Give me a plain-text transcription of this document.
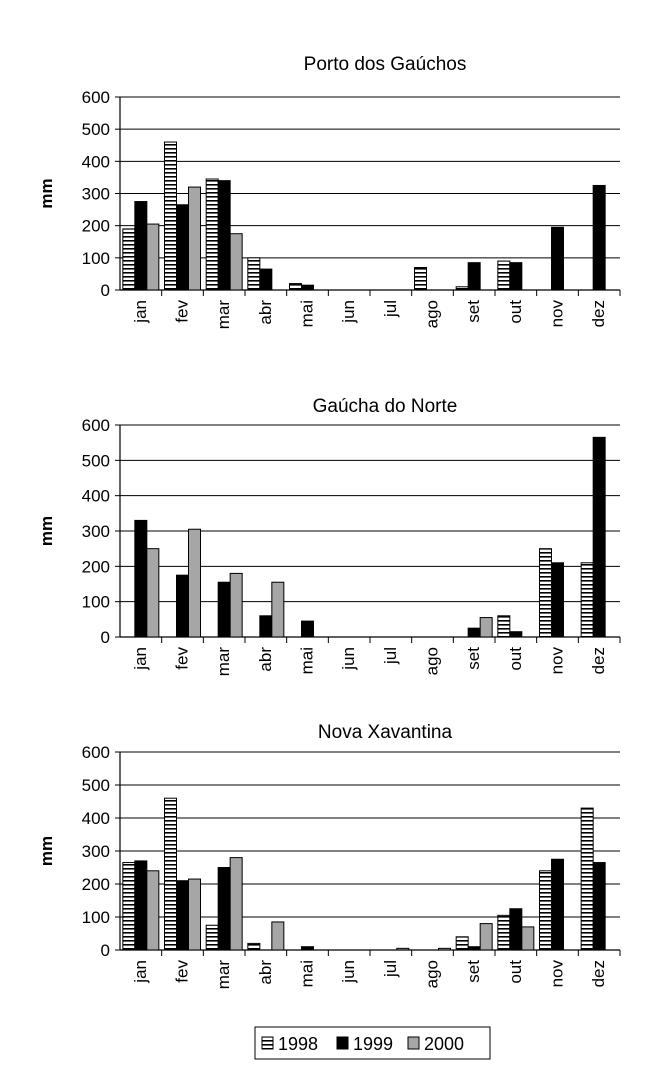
Porto dos Gaúchos
mm
0
100
200
300
400
500
600
jan fev mar abr mai jun jul ago set out nov dez
Gaúcha do Norte
mm
0
100
200
300
400
500
600
jan fev mar abr mai jun jul ago set out nov dez
Nova Xavantina
mm
0
100
200
300
400
500
600
jan fev mar abr mai jun jul ago set out nov dez
1998 1999 2000
